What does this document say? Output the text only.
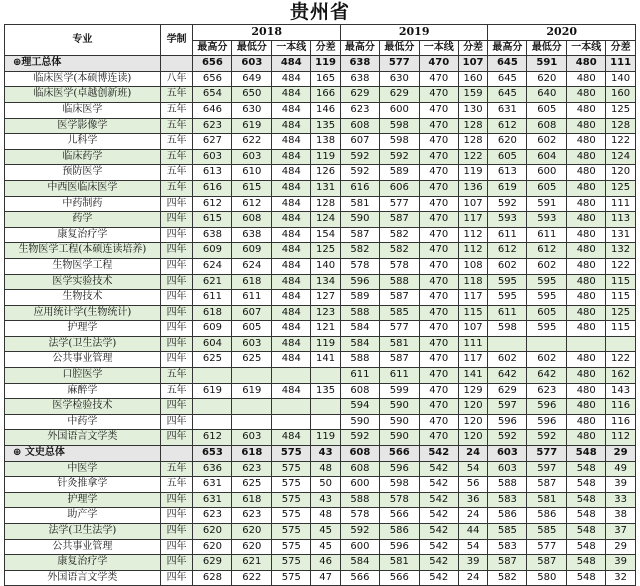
贵州省
专业	学制	2018				2019				2020			
		最高分	最低分	一本线	分差	最高分	最低分	一本线	分差	最高分	最低分	一本线	分差
⊕理工总体		656	603	484	119	638	577	470	107	645	591	480	111
临床医学(本硕博连读)	八年	656	649	484	165	638	630	470	160	645	620	480	140
临床医学(卓越创新班)	五年	654	650	484	166	629	629	470	159	645	640	480	160
临床医学	五年	646	630	484	146	623	600	470	130	631	605	480	125
医学影像学	五年	623	619	484	135	608	598	470	128	612	608	480	128
儿科学	五年	627	622	484	138	607	598	470	128	620	602	480	122
临床药学	五年	603	603	484	119	592	592	470	122	605	604	480	124
预防医学	五年	613	610	484	126	592	589	470	119	613	600	480	120
中西医临床医学	五年	616	615	484	131	616	606	470	136	619	605	480	125
中药制药	四年	612	612	484	128	581	577	470	107	592	591	480	111
药学	四年	615	608	484	124	590	587	470	117	593	593	480	113
康复治疗学	四年	638	638	484	154	587	582	470	112	611	611	480	131
生物医学工程(本硕连读培养)	四年	609	609	484	125	582	582	470	112	612	612	480	132
生物医学工程	四年	624	624	484	140	578	578	470	108	602	602	480	122
医学实验技术	四年	621	618	484	134	596	588	470	118	595	595	480	115
生物技术	四年	611	611	484	127	589	587	470	117	595	595	480	115
应用统计学(生物统计)	四年	618	607	484	123	588	585	470	115	611	605	480	125
护理学	四年	609	605	484	121	584	577	470	107	598	595	480	115
法学(卫生法学)	四年	604	603	484	119	584	581	470	111				
公共事业管理	四年	625	625	484	141	588	587	470	117	602	602	480	122
口腔医学	五年					611	611	470	141	642	642	480	162
麻醉学	五年	619	619	484	135	608	599	470	129	629	623	480	143
医学检验技术	四年					594	590	470	120	597	596	480	116
中药学	四年					590	590	470	120	596	596	480	116
外国语言文学类	四年	612	603	484	119	592	590	470	120	592	592	480	112
⊕ 文史总体		653	618	575	43	608	566	542	24	603	577	548	29
中医学	五年	636	623	575	48	608	596	542	54	603	597	548	49
针灸推拿学	五年	631	625	575	50	600	598	542	56	588	587	548	39
护理学	四年	631	618	575	43	588	578	542	36	583	581	548	33
助产学	四年	623	623	575	48	578	566	542	24	586	586	548	38
法学(卫生法学)	四年	620	620	575	45	592	586	542	44	585	585	548	37
公共事业管理	四年	620	620	575	45	600	596	542	54	583	577	548	29
康复治疗学	四年	629	621	575	46	584	581	542	39	587	587	548	39
外国语言文学类	四年	628	622	575	47	566	566	542	24	582	580	548	32
